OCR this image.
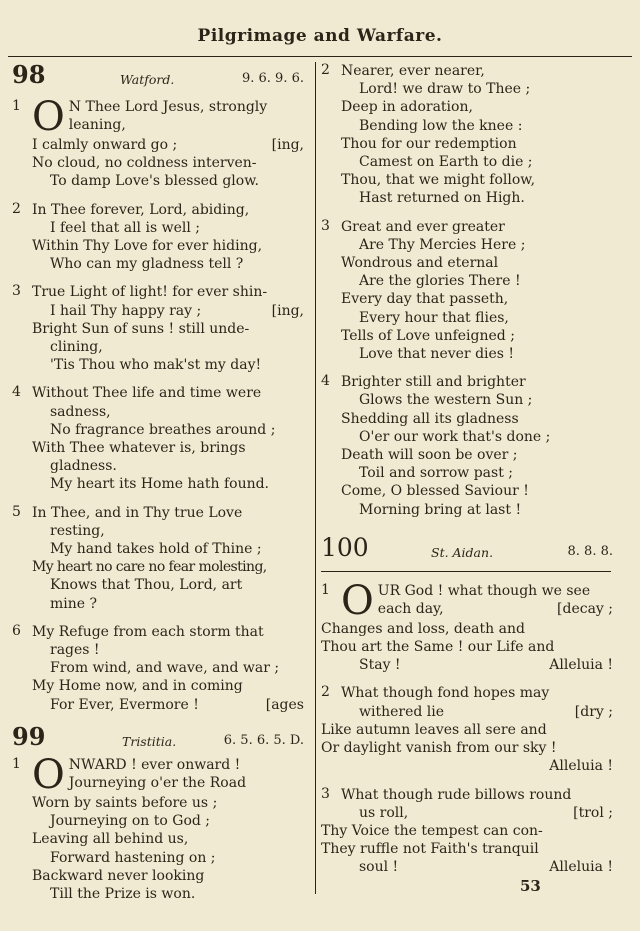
Pilgrimage and Warfare.
98	Watford.	9. 6. 9. 6.
1 O N Thee Lord Jesus, strongly
leaning,
I calmly onward go ;	[ing,
No cloud, no coldness interven-
To damp Love's blessed glow.
2 In Thee forever, Lord, abiding,
I feel that all is well ;
Within Thy Love for ever hiding,
Who can my gladness tell ?
3 True Light of light! for ever shin-
I hail Thy happy ray ;	[ing,
Bright Sun of suns ! still unde-
clining,
'Tis Thou who mak'st my day!
4 Without Thee life and time were
sadness,
No fragrance breathes around ;
With Thee whatever is, brings
gladness.
My heart its Home hath found.
5 In Thee, and in Thy true Love
resting,
My hand takes hold of Thine ;
My heart no care no fear molesting,
Knows that Thou, Lord, art
mine ?
6 My Refuge from each storm that
rages !
From wind, and wave, and war ;
My Home now, and in coming
For Ever, Evermore !	[ages
99	Tristitia.	6. 5. 6. 5. D.
1 O NWARD ! ever onward !
Journeying o'er the Road
Worn by saints before us ;
Journeying on to God ;
Leaving all behind us,
Forward hastening on ;
Backward never looking
Till the Prize is won.
2 Nearer, ever nearer,
Lord! we draw to Thee ;
Deep in adoration,
Bending low the knee :
Thou for our redemption
Camest on Earth to die ;
Thou, that we might follow,
Hast returned on High.
3 Great and ever greater
Are Thy Mercies Here ;
Wondrous and eternal
Are the glories There !
Every day that passeth,
Every hour that flies,
Tells of Love unfeigned ;
Love that never dies !
4 Brighter still and brighter
Glows the western Sun ;
Shedding all its gladness
O'er our work that's done ;
Death will soon be over ;
Toil and sorrow past ;
Come, O blessed Saviour !
Morning bring at last !
100	St. Aidan.	8. 8. 8.
1 O UR God ! what though we see
each day,	[decay ;
Changes and loss, death and
Thou art the Same ! our Life and
Stay !	Alleluia !
2 What though fond hopes may
withered lie	[dry ;
Like autumn leaves all sere and
Or daylight vanish from our sky !
Alleluia !

3 What though rude billows round
us roll,	[trol ;
Thy Voice the tempest can con-
They ruffle not Faith's tranquil
soul !	Alleluia !
53
